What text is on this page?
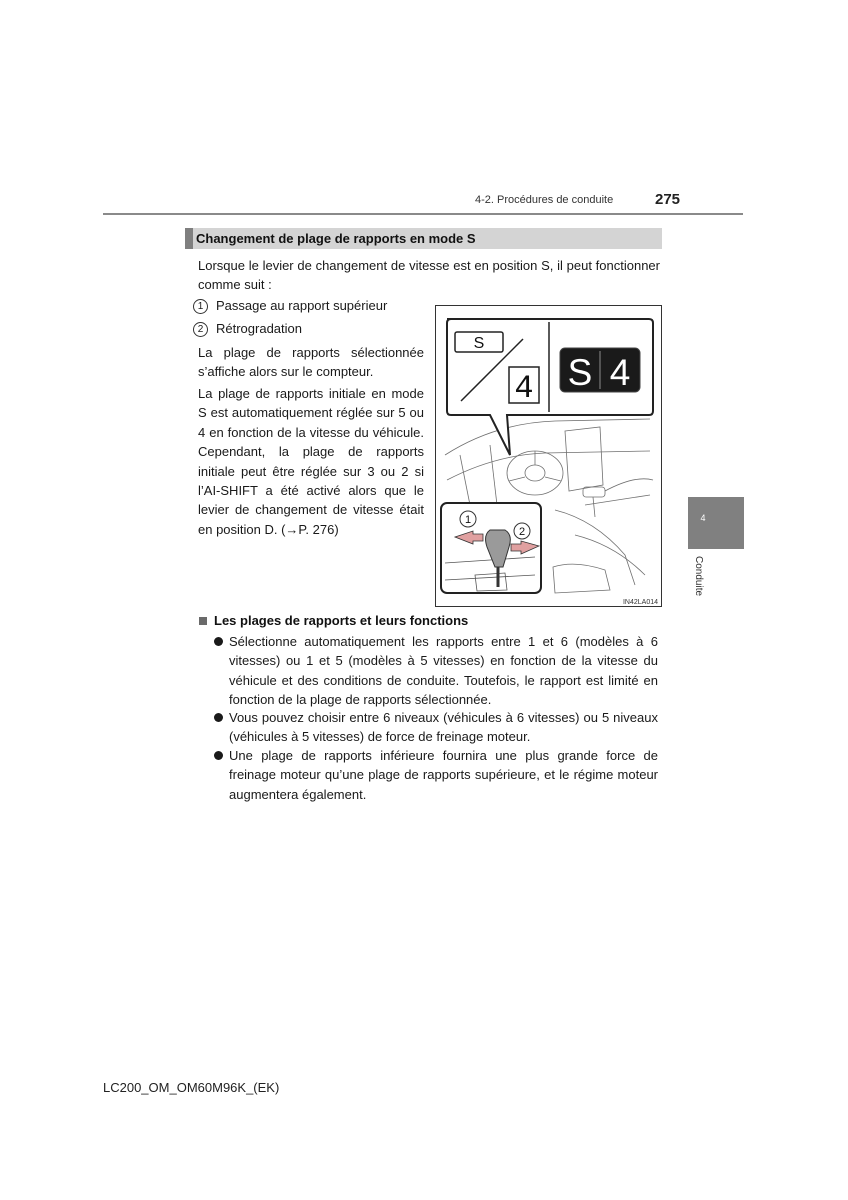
4-2. Procédures de conduite	275
Changement de plage de rapports en mode S
Lorsque le levier de changement de vitesse est en position S, il peut fonctionner comme suit :
1 Passage au rapport supérieur
2 Rétrogradation
La plage de rapports sélectionnée s’affiche alors sur le compteur.
La plage de rapports initiale en mode S est automatiquement réglée sur 5 ou 4 en fonction de la vitesse du véhicule. Cependant, la plage de rapports initiale peut être réglée sur 3 ou 2 si l’AI-SHIFT a été activé alors que le levier de changement de vitesse était en position D. (→P. 276)
S
4 S 4
1
2
IN42LA014
4
Conduite
Les plages de rapports et leurs fonctions
Sélectionne automatiquement les rapports entre 1 et 6 (modèles à 6 vitesses) ou 1 et 5 (modèles à 5 vitesses) en fonction de la vitesse du véhicule et des conditions de conduite. Toutefois, le rapport est limité en fonction de la plage de rapports sélectionnée.
Vous pouvez choisir entre 6 niveaux (véhicules à 6 vitesses) ou 5 niveaux (véhicules à 5 vitesses) de force de freinage moteur.
Une plage de rapports inférieure fournira une plus grande force de freinage moteur qu’une plage de rapports supérieure, et le régime moteur augmentera également.
LC200_OM_OM60M96K_(EK)
